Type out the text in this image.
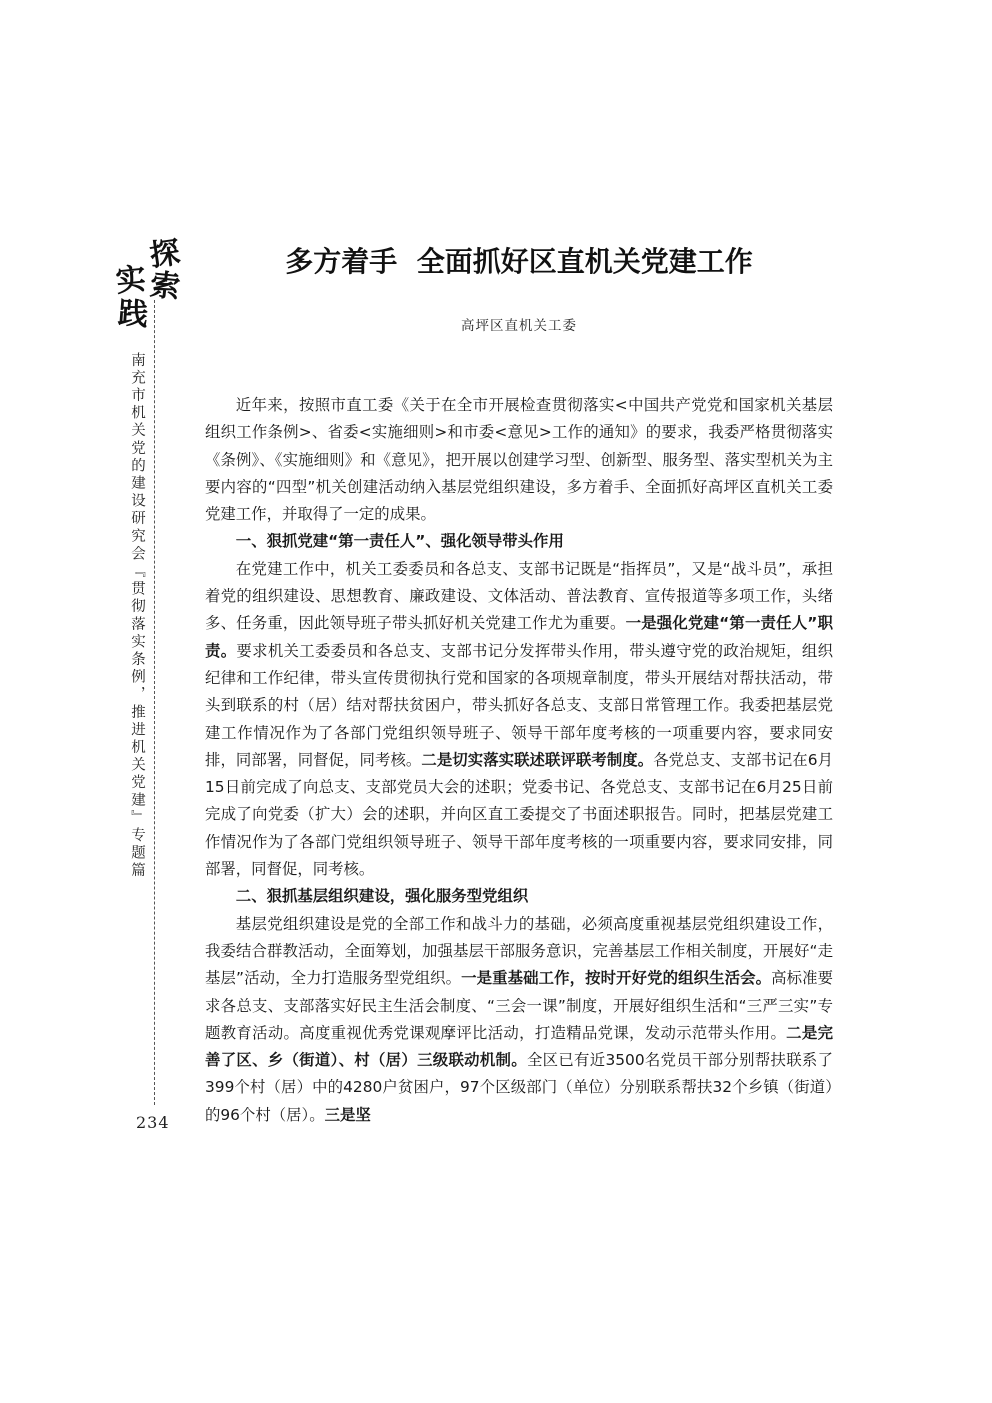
探
索
实
践
南充市机关党的建设研究会『贯彻落实条例，推进机关党建』专题篇
234
多方着手  全面抓好区直机关党建工作
高坪区直机关工委

近年来，按照市直工委《关于在全市开展检查贯彻落实<中国共产党党和国家机关基层组织工作条例>、省委<实施细则>和市委<意见>工作的通知》的要求，我委严格贯彻落实《条例》、《实施细则》和《意见》，把开展以创建学习型、创新型、服务型、落实型机关为主要内容的“四型”机关创建活动纳入基层党组织建设，多方着手、全面抓好高坪区直机关工委党建工作，并取得了一定的成果。

一、狠抓党建“第一责任人”、强化领导带头作用

在党建工作中，机关工委委员和各总支、支部书记既是“指挥员”，又是“战斗员”，承担着党的组织建设、思想教育、廉政建设、文体活动、普法教育、宣传报道等多项工作，头绪多、任务重，因此领导班子带头抓好机关党建工作尤为重要。一是强化党建“第一责任人”职责。要求机关工委委员和各总支、支部书记分发挥带头作用，带头遵守党的政治规矩，组织纪律和工作纪律，带头宣传贯彻执行党和国家的各项规章制度，带头开展结对帮扶活动，带头到联系的村（居）结对帮扶贫困户，带头抓好各总支、支部日常管理工作。我委把基层党建工作情况作为了各部门党组织领导班子、领导干部年度考核的一项重要内容，要求同安排，同部署，同督促，同考核。二是切实落实联述联评联考制度。各党总支、支部书记在6月15日前完成了向总支、支部党员大会的述职；党委书记、各党总支、支部书记在6月25日前完成了向党委（扩大）会的述职，并向区直工委提交了书面述职报告。同时，把基层党建工作情况作为了各部门党组织领导班子、领导干部年度考核的一项重要内容，要求同安排，同部署，同督促，同考核。

二、狠抓基层组织建设，强化服务型党组织

基层党组织建设是党的全部工作和战斗力的基础，必须高度重视基层党组织建设工作，我委结合群教活动，全面筹划，加强基层干部服务意识，完善基层工作相关制度，开展好“走基层”活动，全力打造服务型党组织。一是重基础工作，按时开好党的组织生活会。高标准要求各总支、支部落实好民主生活会制度、“三会一课”制度，开展好组织生活和“三严三实”专题教育活动。高度重视优秀党课观摩评比活动，打造精品党课，发动示范带头作用。二是完善了区、乡（街道）、村（居）三级联动机制。全区已有近3500名党员干部分别帮扶联系了399个村（居）中的4280户贫困户，97个区级部门（单位）分别联系帮扶32个乡镇（街道）的96个村（居）。三是坚
